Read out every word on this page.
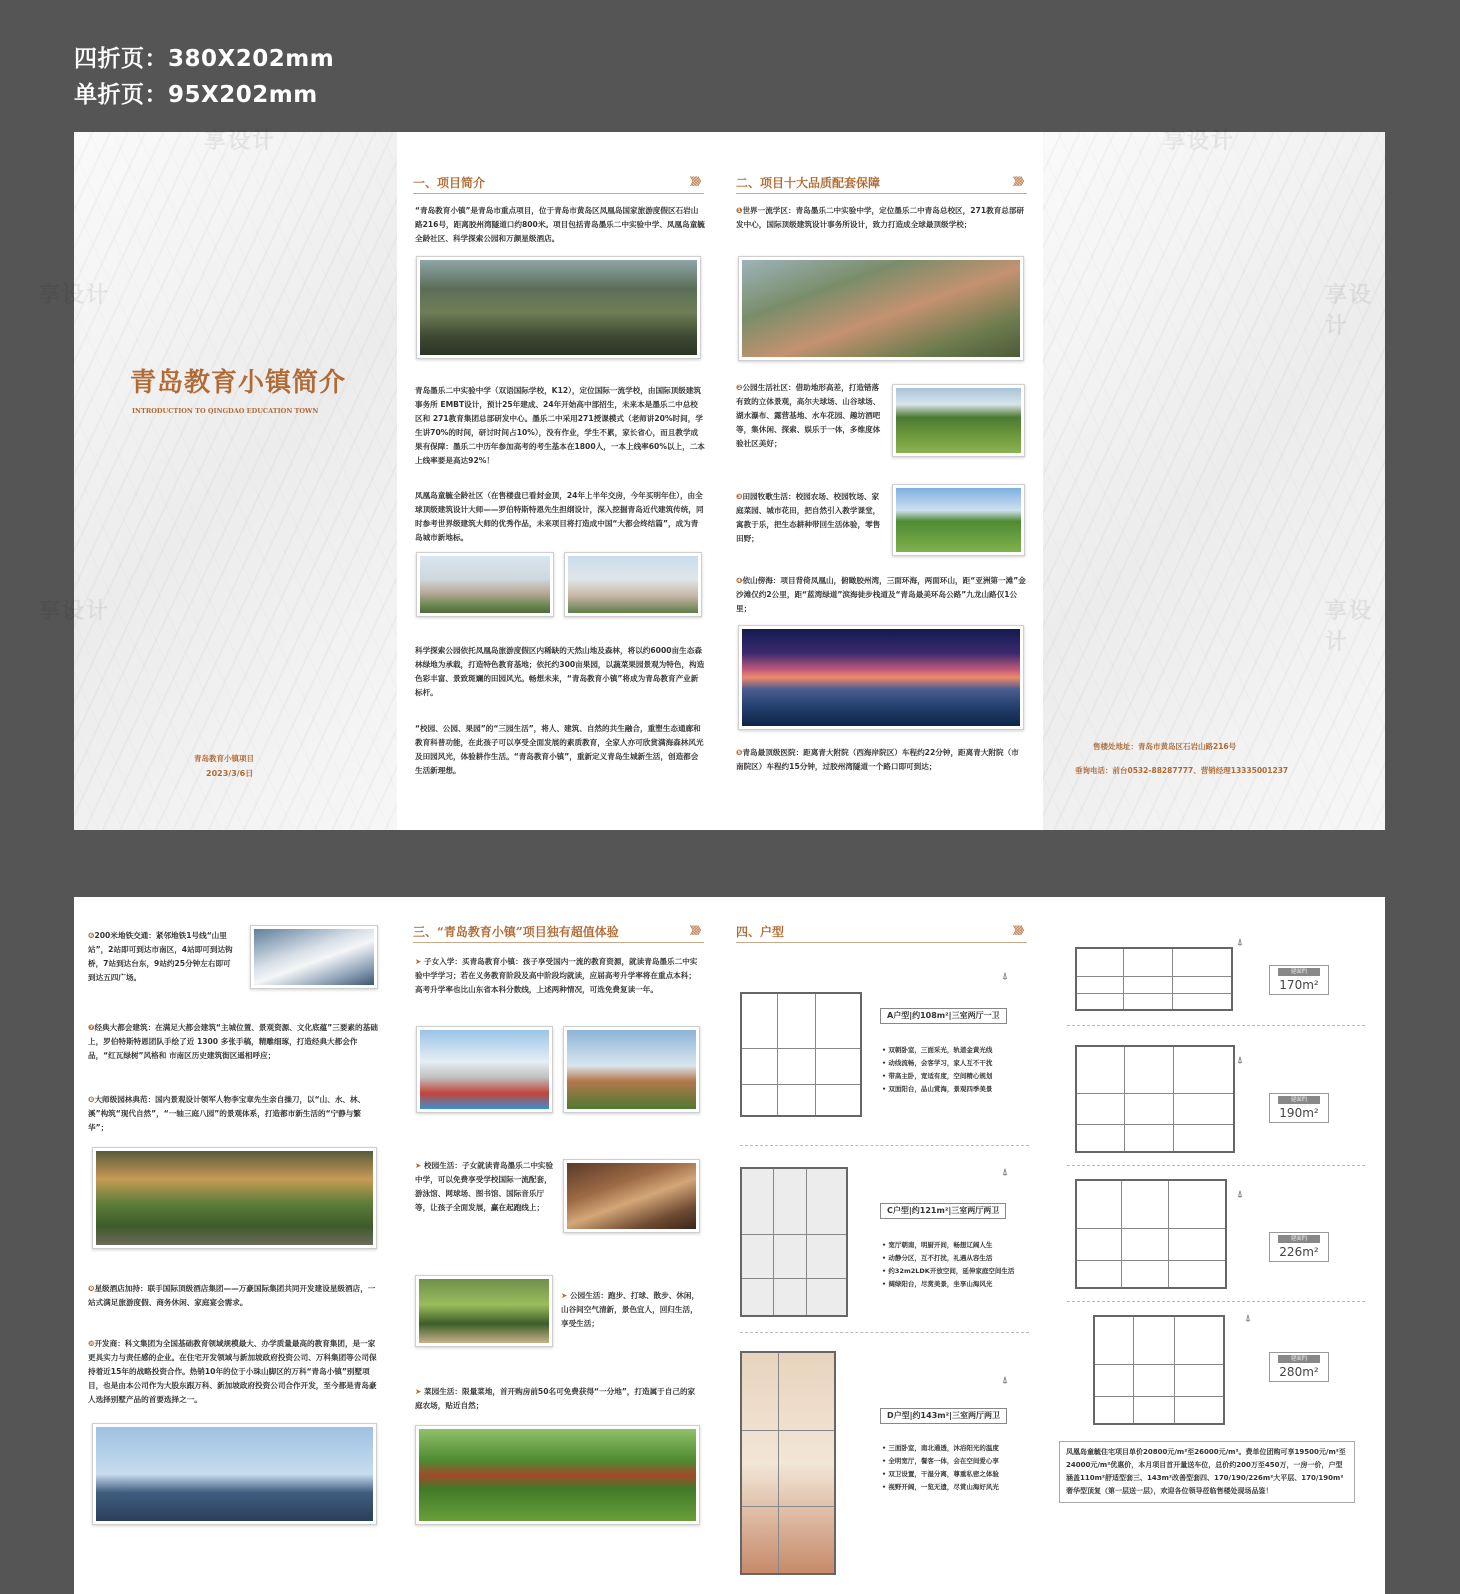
四折页：380X202mm
单折页：95X202mm
青岛教育小镇简介
INTRODUCTION TO QINGDAO EDUCATION TOWN
青岛教育小镇项目
2023/3/6日
享设计
享设计
享设计
一、项目简介	》》》
“青岛教育小镇”是青岛市重点项目，位于青岛市黄岛区凤凰岛国家旅游度假区石岩山路216号，距离胶州湾隧道口约800米。项目包括青岛墨乐二中实验中学、凤凰岛童毓全龄社区、科学探索公园和万颜星级酒店。
青岛墨乐二中实验中学（双语国际学校，K12），定位国际一流学校，由国际顶级建筑事务所 EMBT设计，预计25年建成、24年开始高中部招生，未来本是墨乐二中总校区和 271教育集团总部研发中心。墨乐二中采用271授课模式（老师讲20%时间，学生讲70%的时间，研讨时间占10%），没有作业，学生不累，家长省心，而且教学成果有保障：墨乐二中历年参加高考的考生基本在1800人，一本上线率60%以上，二本上线率要是高达92%！
凤凰岛童毓全龄社区（在售楼盘已看封金顶，24年上半年交房，今年买明年住），由全球顶级建筑设计大师——罗伯特斯特恩先生担纲设计，深入挖掘青岛近代建筑传统，同时参考世界级建筑大师的优秀作品，未来项目将打造成中国“大都会终结篇”，成为青岛城市新地标。
科学探索公园依托凤凰岛旅游度假区内稀缺的天然山地及森林，将以约6000亩生态森林绿地为承载，打造特色教育基地；依托约300亩果园，以蔬菜果园景观为特色，构造色彩丰富、景致斑斓的田园风光。畅想未来，“青岛教育小镇”将成为青岛教育产业新标杆。
“校园、公园、果园”的“三园生活”，将人、建筑、自然的共生融合，重塑生态通廊和教育科普功能，在此孩子可以享受全面发展的素质教育，全家人亦可欣赏满海森林风光及田园风光，体验耕作生活。“青岛教育小镇”，重新定义青岛生城新生活，创造都会生活新理想。
二、项目十大品质配套保障	》》》
❶世界一流学区：青岛墨乐二中实验中学，定位墨乐二中青岛总校区，271教育总部研发中心，国际顶级建筑设计事务所设计，致力打造成全球最顶级学校；
❷公园生活社区：借助地形高差，打造错落有致的立体景观，高尔夫球场、山谷球场、湖水瀑布、露营基地、水车花园、趣坊酒吧等，集休闲、探索、娱乐于一体，多维度体验社区美好；
❸田园牧歌生活：校园农场、校园牧场、家庭菜园、城市花田，把自然引入教学课堂，寓教于乐，把生态耕种带回生活体验，零售田野；
❹依山傍海：项目背倚凤凰山，俯瞰胶州湾，三面环海，两面环山，距“亚洲第一滩”金沙滩仅约2公里，距“蓝湾绿道”滨海徒步栈道及“青岛最美环岛公路”九龙山路仅1公里；
❺青岛最顶级医院：距离青大附院（西海岸院区）车程约22分钟，距离青大附院（市南院区）车程约15分钟，过胶州湾隧道一个路口即可到达；
售楼处地址：青岛市黄岛区石岩山路216号
垂询电话：前台0532-88287777、营销经理13335001237
享设计
享设计
享设计
❻200米地铁交通：紧邻地铁1号线“山里站”，2站即可到达市南区，4站即可到达钩桥，7站到达台东，9站约25分钟左右即可到达五四广场。
❼经典大都会建筑：在满足大都会建筑“主城位置、景观资源、文化底蕴”三要素的基础上，罗伯特斯特恩团队手绘了近 1300 多张手稿，精雕细琢，打造经典大都会作品，“红瓦绿树”风格和 市南区历史建筑街区遥相呼应；
❽大师级园林典范：国内景观设计领军人物李宝章先生亲自操刀，以“山、水、林、溪”构筑“现代自然”，“一轴三庭八园”的景观体系，打造都市新生活的“宁静与繁华”；
❾星级酒店加持：联手国际顶级酒店集团——万豪国际集团共同开发建设星级酒店，一站式满足旅游度假、商务休闲、家庭宴会需求。
❿开发商：科文集团为全国基础教育领域规模最大、办学质量最高的教育集团，是一家更具实力与责任感的企业。在住宅开发领域与新加坡政府投资公司、万科集团等公司保持着近15年的战略投资合作。热销10年的位于小珠山脚区的万科“青岛小镇”别墅项目，也是由本公司作为大股东跟万科、新加坡政府投资公司合作开发，至今都是青岛豪人选择别墅产品的首要选择之一。
三、“青岛教育小镇”项目独有超值体验	》》》
➤ 子女入学：买青岛教育小镇：孩子享受国内一流的教育资源，就读青岛墨乐二中实验中学学习；若在义务教育阶段及高中阶段均就读，应届高考升学率将在重点本科；高考升学率也比山东省本科分数线，上述两种情况，可选免费复读一年。
➤ 校园生活：子女就读青岛墨乐二中实验中学，可以免费享受学校国际一流配套，游泳馆、网球场、图书馆、国际音乐厅等，让孩子全面发展，赢在起跑线上；
➤ 公园生活：跑步、打球、散步、休闲，山谷间空气清新，景色宜人，回归生活，享受生活；
➤ 菜园生活：限量菜地，首开购房前50名可免费获得“一分地”，打造属于自己的家庭农场，贴近自然；
四、户型	》》》
⍋
A户型|约108m²|三室两厅一卫
• 双朝卧室，三面采光，轨道金黄光线
• 动线流畅，会客学习，家人互不干扰
• 带高主卧，宽适有度，空间精心规划
• 双面阳台，品山赏海，景观四季美景
⍋
C户型|约121m²|三室两厅两卫
• 宽厅朝南，明厨开间，畅想辽阔人生
• 动静分区，互不打扰，礼遇从容生活
• 约32m2LDK开放空间，延伸家庭空间生活
• 阔绿阳台，尽赏美景，坐享山海风光
⍋
D户型|约143m²|三室两厅两卫
• 三面卧室，南北通透，沐浴阳光的温度
• 全明宽厅，餐客一体，会在空间爱心享
• 双卫设置，干湿分离，尊重私密之体验
• 视野开阔，一览无遗，尽赏山海好风光
⍋
建面约
170m²
⍋
建面约
190m²
⍋
建面约
226m²
⍋
建面约
280m²
凤凰岛童毓住宅项目单价20800元/m²至26000元/m²。费单位团购可享19500元/m²至24000元/m²优惠价，本月项目首开量送车位，总价约200万至450万，一房一价，户型涵盖110m²舒适型套三、143m²改善型套四、170/190/226m²大平层、170/190m²奢华型顶复（第一层送一层），欢迎各位领导莅临售楼处现场品鉴！
